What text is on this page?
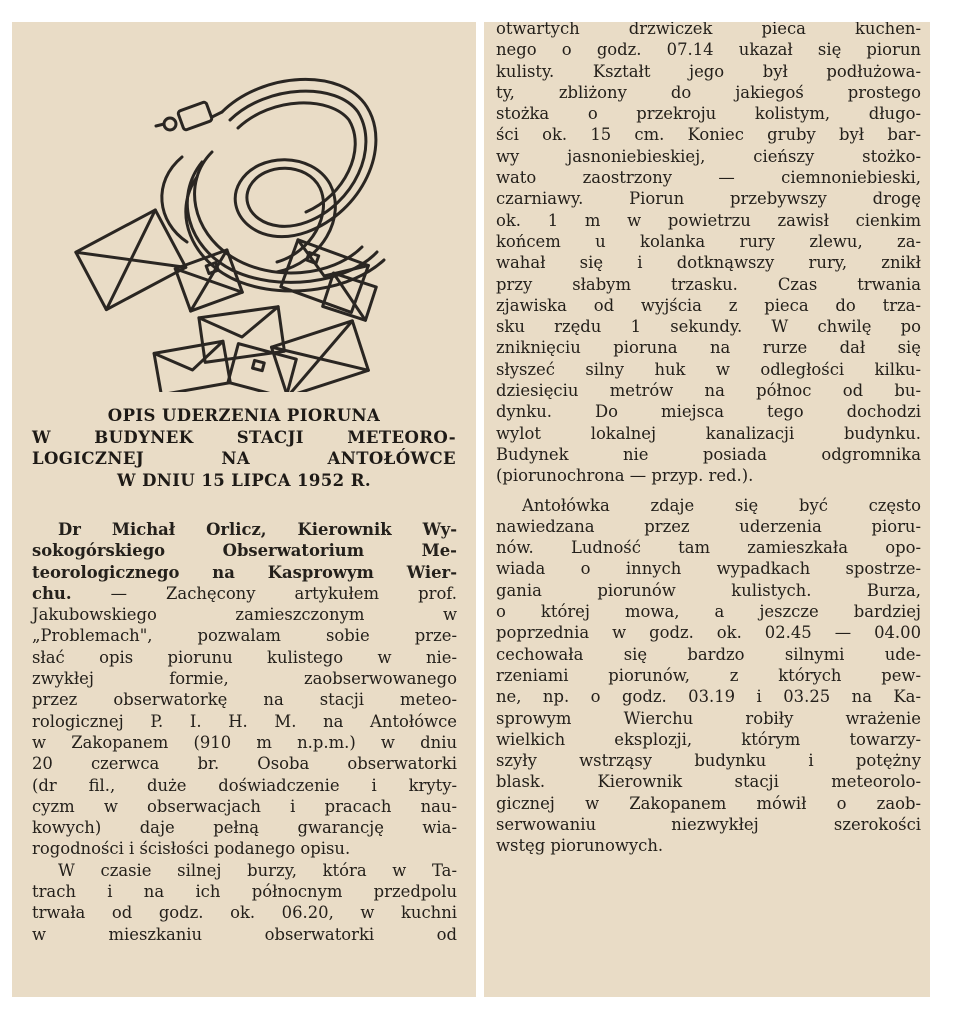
OPIS UDERZENIA PIORUNA
W BUDYNEK STACJI METEORO-
LOGICZNEJ NA ANTOŁÓWCE
W DNIU 15 LIPCA 1952 R.
Dr Michał Orlicz, Kierownik Wy-
sokogórskiego Obserwatorium Me-
teorologicznego na Kasprowym Wier-
chu. — Zachęcony artykułem prof.
Jakubowskiego zamieszczonym w
„Problemach", pozwalam sobie prze-
słać opis piorunu kulistego w nie-
zwykłej formie, zaobserwowanego
przez obserwatorkę na stacji meteo-
rologicznej P. I. H. M. na Antołówce
w Zakopanem (910 m n.p.m.) w dniu
20 czerwca br. Osoba obserwatorki
(dr fil., duże doświadczenie i kryty-
cyzm w obserwacjach i pracach nau-
kowych) daje pełną gwarancję wia-
rogodności i ścisłości podanego opisu.
W czasie silnej burzy, która w Ta-
trach i na ich północnym przedpolu
trwała od godz. ok. 06.20, w kuchni
w mieszkaniu obserwatorki od
otwartych drzwiczek pieca kuchen-
nego o godz. 07.14 ukazał się piorun
kulisty. Kształt jego był podłużowa-
ty, zbliżony do jakiegoś prostego
stożka o przekroju kolistym, długo-
ści ok. 15 cm. Koniec gruby był bar-
wy jasnoniebieskiej, cieńszy stożko-
wato zaostrzony — ciemnoniebieski,
czarniawy. Piorun przebywszy drogę
ok. 1 m w powietrzu zawisł cienkim
końcem u kolanka rury zlewu, za-
wahał się i dotknąwszy rury, znikł
przy słabym trzasku. Czas trwania
zjawiska od wyjścia z pieca do trza-
sku rzędu 1 sekundy. W chwilę po
zniknięciu pioruna na rurze dał się
słyszeć silny huk w odległości kilku-
dziesięciu metrów na północ od bu-
dynku. Do miejsca tego dochodzi
wylot lokalnej kanalizacji budynku.
Budynek nie posiada odgromnika
(piorunochrona — przyp. red.).
Antołówka zdaje się być często
nawiedzana przez uderzenia pioru-
nów. Ludność tam zamieszkała opo-
wiada o innych wypadkach spostrze-
gania piorunów kulistych. Burza,
o której mowa, a jeszcze bardziej
poprzednia w godz. ok. 02.45 — 04.00
cechowała się bardzo silnymi ude-
rzeniami piorunów, z których pew-
ne, np. o godz. 03.19 i 03.25 na Ka-
sprowym Wierchu robiły wrażenie
wielkich eksplozji, którym towarzy-
szyły wstrząsy budynku i potężny
blask. Kierownik stacji meteorolo-
gicznej w Zakopanem mówił o zaob-
serwowaniu niezwykłej szerokości
wstęg piorunowych.
